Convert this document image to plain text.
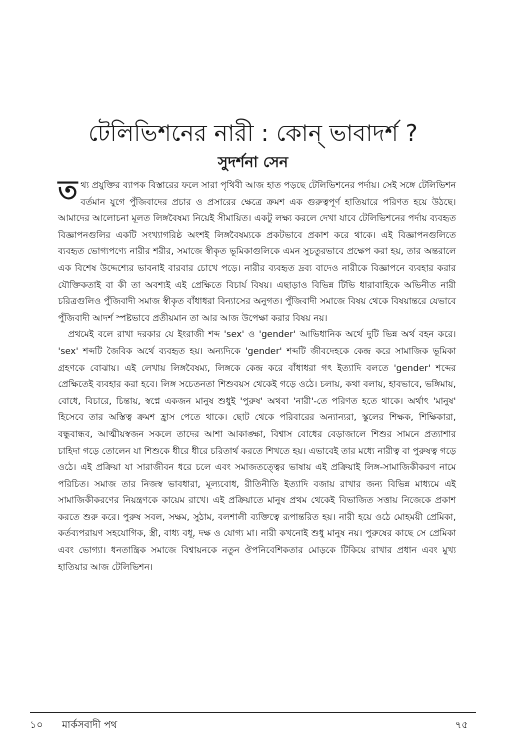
টেলিভিশনের নারী : কোন্ ভাবাদর্শ ?
সুদর্শনা সেন

তথ্য প্রযুক্তির ব্যাপক বিস্তারের ফলে সারা পৃথিবী আজ হাত পড়ছে টেলিভিশনের পর্দায়। সেই সঙ্গে টেলিভিশন বর্তমান যুগে পুঁজিবাদের প্রচার ও প্রসারের ক্ষেত্রে ক্রমশ এক গুরুত্বপূর্ণ হাতিয়ারে পরিণত হয়ে উঠছে। আমাদের আলোচনা মূলত লিঙ্গবৈষম্য নিয়েই সীমায়িত। একটু লক্ষ্য করলে দেখা যাবে টেলিভিশনের পর্দায় ব্যবহৃত বিজ্ঞাপনগুলির একটি সংখ্যাগরিষ্ঠ অংশই লিঙ্গবৈষম্যকে প্রকটভাবে প্রকাশ করে থাকে। এই বিজ্ঞাপনগুলিতে ব্যবহৃত ভোগ্যপণ্যে নারীর শরীর, সমাজে স্বীকৃত ভূমিকাগুলিকে এমন সুচতুরভাবে প্রক্ষেপ করা হয়, তার অন্তরালে এক বিশেষ উদ্দেশ্যের ভাবনাই বারবার চোখে পড়ে। নারীর ব্যবহৃত দ্রব্য বাদেও নারীকে বিজ্ঞাপনে ব্যবহার করার যৌক্তিকতাই বা কী তা অবশ্যই এই প্রেক্ষিতে বিচার্য বিষয়। এছাড়াও বিভিন্ন টিভি ধারাবাহিকে অভিনীত নারী চরিত্রগুলিও পুঁজিবাদী সমাজ স্বীকৃত বাঁধাধরা বিন্যাসের অনুগত। পুঁজিবাদী সমাজে বিষয় থেকে বিষয়ান্তরে যেভাবে পুঁজিবাদী আদর্শ স্পষ্টভাবে প্রতীয়মান তা আর আজ উপেক্ষা করার বিষয় নয়।

প্রথমেই বলে রাখা দরকার যে ইংরাজী শব্দ 'sex' ও 'gender' আভিধানিক অর্থে দুটি ভিন্ন অর্থ বহন করে। 'sex' শব্দটি জৈবিক অর্থে ব্যবহৃত হয়। অন্যদিকে 'gender' শব্দটি জীবদেহকে কেন্দ্র করে সামাজিক ভূমিকা গ্রহণকে বোঝায়। এই লেখায় লিঙ্গবৈষম্য, লিঙ্গকে কেন্দ্র করে বাঁধাধরা গৎ ইত্যাদি বলতে 'gender' শব্দের প্রেক্ষিতেই ব্যবহার করা হবে। লিঙ্গ সচেতনতা শিশুবয়স থেকেই গড়ে ওঠে। চলায়, কথা বলায়, হাবভাবে, ভঙ্গিমায়, বোধে, বিচারে, চিন্তায়, স্বপ্নে একজন মানুষ শুধুই 'পুরুষ' অথবা 'নারী'-তে পরিণত হতে থাকে। অর্থাৎ 'মানুষ' হিসেবে তার অস্তিত্ব ক্রমশ হ্রাস পেতে থাকে। ছোট থেকে পরিবারের অন্যান্যরা, স্কুলের শিক্ষক, শিক্ষিকারা, বন্ধুবান্ধব, আত্মীয়স্বজন সকলে তাদের আশা আকাঙ্ক্ষা, বিশ্বাস বোধের বেড়াজালে শিশুর সামনে প্রত্যাশার চাহিদা গড়ে তোলেন যা শিশুকে ধীরে ধীরে চরিতার্থ করতে শিখতে হয়। এভাবেই তার মধ্যে নারীত্ব বা পুরুষত্ব গড়ে ওঠে। এই প্রক্রিয়া যা সারাজীবন ধরে চলে এবং সমাজতত্ত্বের ভাষায় এই প্রক্রিয়াই লিঙ্গ-সামাজিকীকরণ নামে পরিচিত। সমাজ তার নিজস্ব ভাবধারা, মূল্যবোধ, রীতিনীতি ইত্যাদি বজায় রাখার জন্য বিভিন্ন মাধ্যমে এই সামাজিকীকরণের নিয়ন্ত্রণকে কায়েম রাখে। এই প্রক্রিয়াতে মানুষ প্রথম থেকেই বিভাজিত সত্তায় নিজেকে প্রকাশ করতে শুরু করে। পুরুষ সবল, সক্ষম, সুঠাম, বলশালী ব্যক্তিত্বে রূপান্তরিত হয়। নারী হয়ে ওঠে মোহময়ী প্রেমিকা, কর্তব্যপরায়ণ সহযোগিক, স্ত্রী, বাধ্য বধূ, দক্ষ ও যোগ্য মা। নারী কখনোই শুধু মানুষ নয়। পুরুষের কাছে সে প্রেমিকা এবং ভোগ্যা। ধনতান্ত্রিক সমাজে বিশ্বায়নকে নতুন ঔপনিবেশিকতার মোড়কে টিকিয়ে রাখার প্রধান এবং মুখ্য হাতিয়ার আজ টেলিভিশন।

১০ মার্কসবাদী পথ	৭৫
